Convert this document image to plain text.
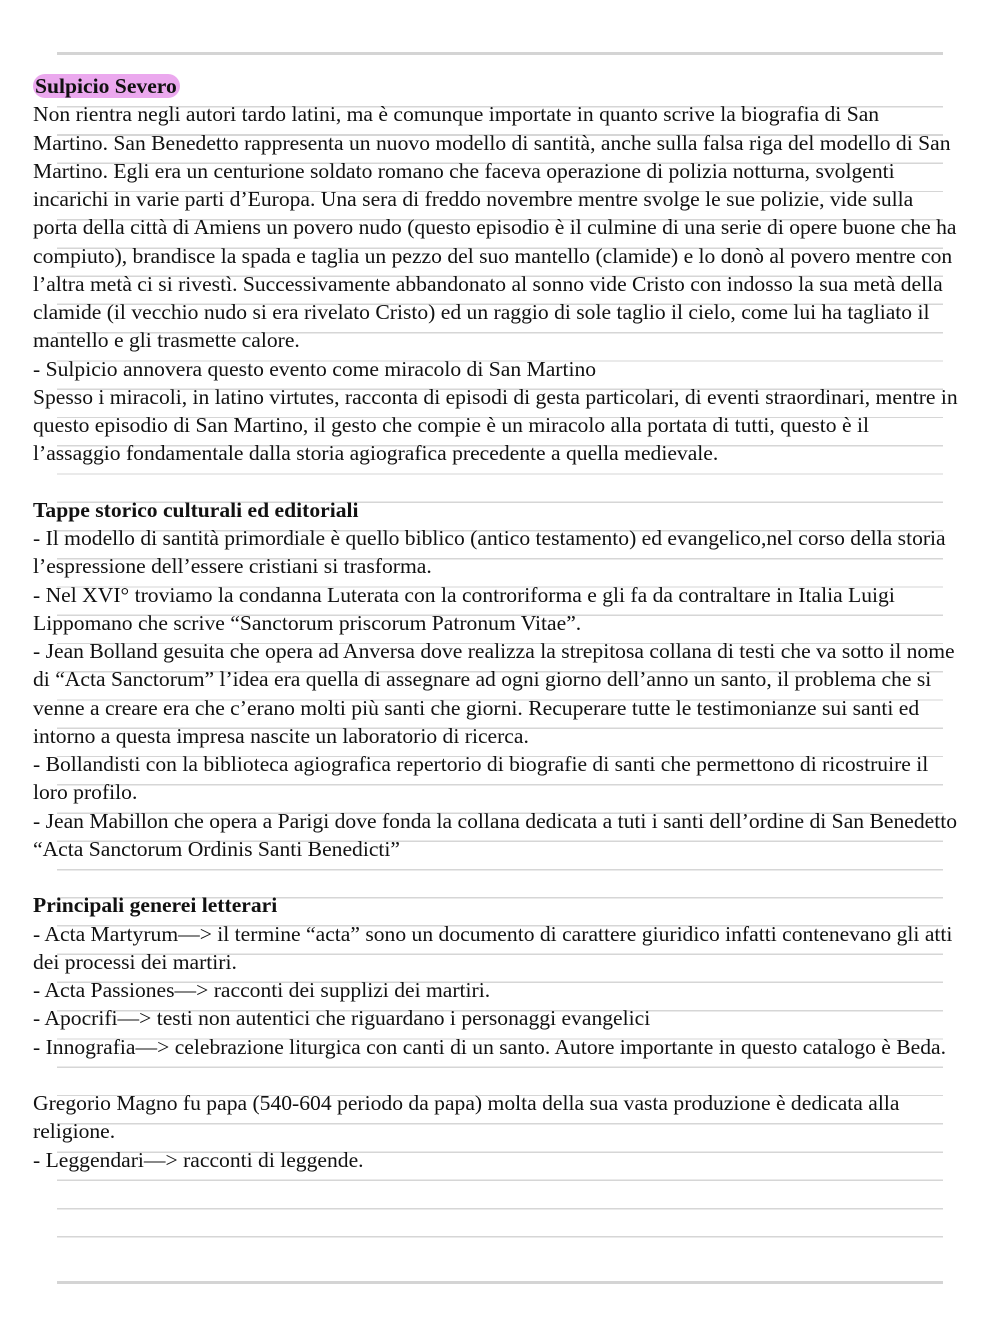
Sulpicio Severo

Non rientra negli autori tardo latini, ma è comunque importate in quanto scrive la biografia di San Martino. San Benedetto rappresenta un nuovo modello di santità, anche sulla falsa riga del modello di San Martino. Egli era un centurione soldato romano che faceva operazione di polizia notturna, svolgenti incarichi in varie parti d’Europa. Una sera di freddo novembre mentre svolge le sue polizie, vide sulla porta della città di Amiens un povero nudo (questo episodio è il culmine di una serie di opere buone che ha compiuto), brandisce la spada e taglia un pezzo del suo mantello (clamide) e lo donò al povero mentre con l’altra metà ci si rivestì. Successivamente abbandonato al sonno vide Cristo con indosso la sua metà della clamide (il vecchio nudo si era rivelato Cristo) ed un raggio di sole taglio il cielo, come lui ha tagliato il mantello e gli trasmette calore.

- Sulpicio annovera questo evento come miracolo di San Martino

Spesso i miracoli, in latino virtutes, racconta di episodi di gesta particolari, di eventi straordinari, mentre in questo episodio di San Martino, il gesto che compie è un miracolo alla portata di tutti, questo è il l’assaggio fondamentale dalla storia agiografica precedente a quella medievale.

Tappe storico culturali ed editoriali

- Il modello di santità primordiale è quello biblico (antico testamento) ed evangelico,nel corso della storia l’espressione dell’essere cristiani si trasforma.

- Nel XVI° troviamo la condanna Luterata con la controriforma e gli fa da contraltare in Italia Luigi Lippomano che scrive “Sanctorum priscorum Patronum Vitae”.

- Jean Bolland gesuita che opera ad Anversa dove realizza la strepitosa collana di testi che va sotto il nome di “Acta Sanctorum” l’idea era quella di assegnare ad ogni giorno dell’anno un santo, il problema che si venne a creare era che c’erano molti più santi che giorni. Recuperare tutte le testimonianze sui santi ed intorno a questa impresa nascite un laboratorio di ricerca.

- Bollandisti con la biblioteca agiografica repertorio di biografie di santi che permettono di ricostruire il loro profilo.

- Jean Mabillon che opera a Parigi dove fonda la collana dedicata a tuti i santi dell’ordine di San Benedetto “Acta Sanctorum Ordinis Santi Benedicti”

Principali generei letterari

- Acta Martyrum—> il termine “acta” sono un documento di carattere giuridico infatti contenevano gli atti dei processi dei martiri.

- Acta Passiones—> racconti dei supplizi dei martiri.

- Apocrifi—> testi non autentici che riguardano i personaggi evangelici

- Innografia—> celebrazione liturgica con canti di un santo. Autore importante in questo catalogo è Beda.

Gregorio Magno fu papa (540-604 periodo da papa) molta della sua vasta produzione è dedicata alla religione.

- Leggendari—> racconti di leggende.
